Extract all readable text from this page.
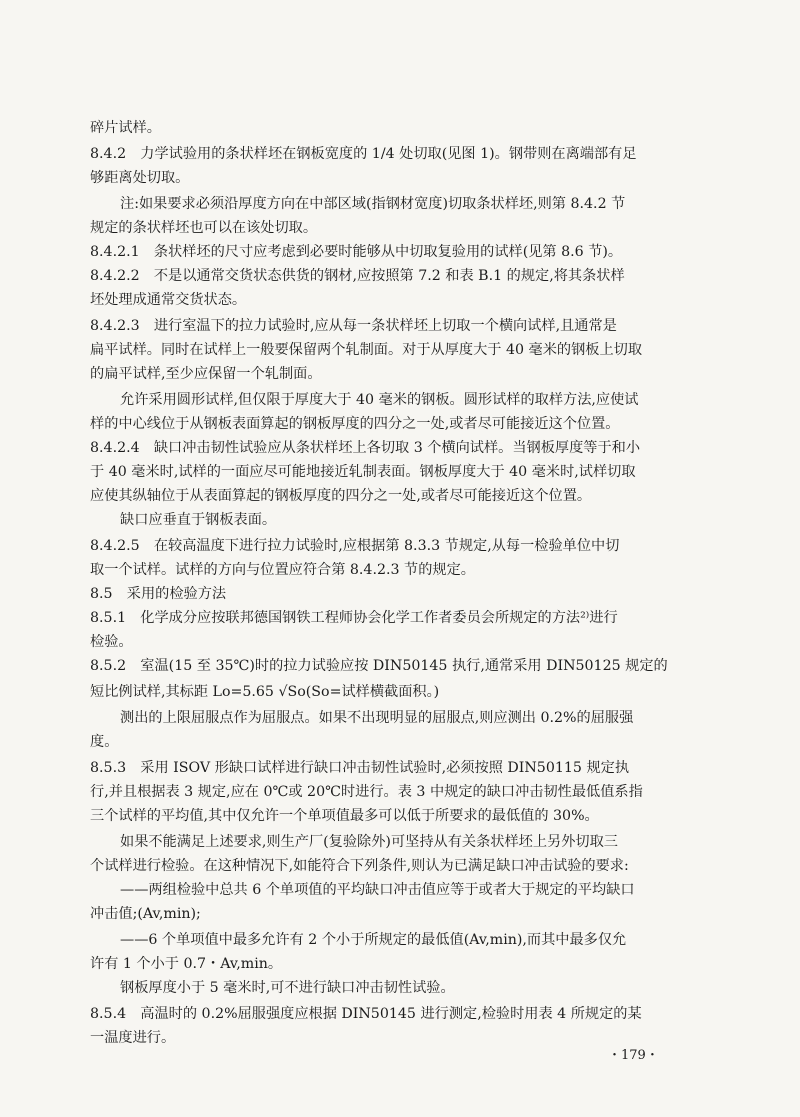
碎片试样。
8.4.2　力学试验用的条状样坯在钢板宽度的 1/4 处切取(见图 1)。钢带则在离端部有足
够距离处切取。
注:如果要求必须沿厚度方向在中部区域(指钢材宽度)切取条状样坯,则第 8.4.2 节
规定的条状样坯也可以在该处切取。
8.4.2.1　条状样坯的尺寸应考虑到必要时能够从中切取复验用的试样(见第 8.6 节)。
8.4.2.2　不是以通常交货状态供货的钢材,应按照第 7.2 和表 B.1 的规定,将其条状样
坯处理成通常交货状态。
8.4.2.3　进行室温下的拉力试验时,应从每一条状样坯上切取一个横向试样,且通常是
扁平试样。同时在试样上一般要保留两个轧制面。对于从厚度大于 40 毫米的钢板上切取
的扁平试样,至少应保留一个轧制面。
允许采用圆形试样,但仅限于厚度大于 40 毫米的钢板。圆形试样的取样方法,应使试
样的中心线位于从钢板表面算起的钢板厚度的四分之一处,或者尽可能接近这个位置。
8.4.2.4　缺口冲击韧性试验应从条状样坯上各切取 3 个横向试样。当钢板厚度等于和小
于 40 毫米时,试样的一面应尽可能地接近轧制表面。钢板厚度大于 40 毫米时,试样切取
应使其纵轴位于从表面算起的钢板厚度的四分之一处,或者尽可能接近这个位置。
缺口应垂直于钢板表面。
8.4.2.5　在较高温度下进行拉力试验时,应根据第 8.3.3 节规定,从每一检验单位中切
取一个试样。试样的方向与位置应符合第 8.4.2.3 节的规定。
8.5　采用的检验方法
8.5.1　化学成分应按联邦德国钢铁工程师协会化学工作者委员会所规定的方法²⁾进行
检验。
8.5.2　室温(15 至 35℃)时的拉力试验应按 DIN50145 执行,通常采用 DIN50125 规定的
短比例试样,其标距 Lo=5.65 √So(So=试样横截面积。)
测出的上限屈服点作为屈服点。如果不出现明显的屈服点,则应测出 0.2%的屈服强
度。
8.5.3　采用 ISOV 形缺口试样进行缺口冲击韧性试验时,必须按照 DIN50115 规定执
行,并且根据表 3 规定,应在 0℃或 20℃时进行。表 3 中规定的缺口冲击韧性最低值系指
三个试样的平均值,其中仅允许一个单项值最多可以低于所要求的最低值的 30%。
如果不能满足上述要求,则生产厂(复验除外)可坚持从有关条状样坯上另外切取三
个试样进行检验。在这种情况下,如能符合下列条件,则认为已满足缺口冲击试验的要求:
——两组检验中总共 6 个单项值的平均缺口冲击值应等于或者大于规定的平均缺口
冲击值;(Av,min);
——6 个单项值中最多允许有 2 个小于所规定的最低值(Av,min),而其中最多仅允
许有 1 个小于 0.7・Av,min。
钢板厚度小于 5 毫米时,可不进行缺口冲击韧性试验。
8.5.4　高温时的 0.2%屈服强度应根据 DIN50145 进行测定,检验时用表 4 所规定的某
一温度进行。
・179・
